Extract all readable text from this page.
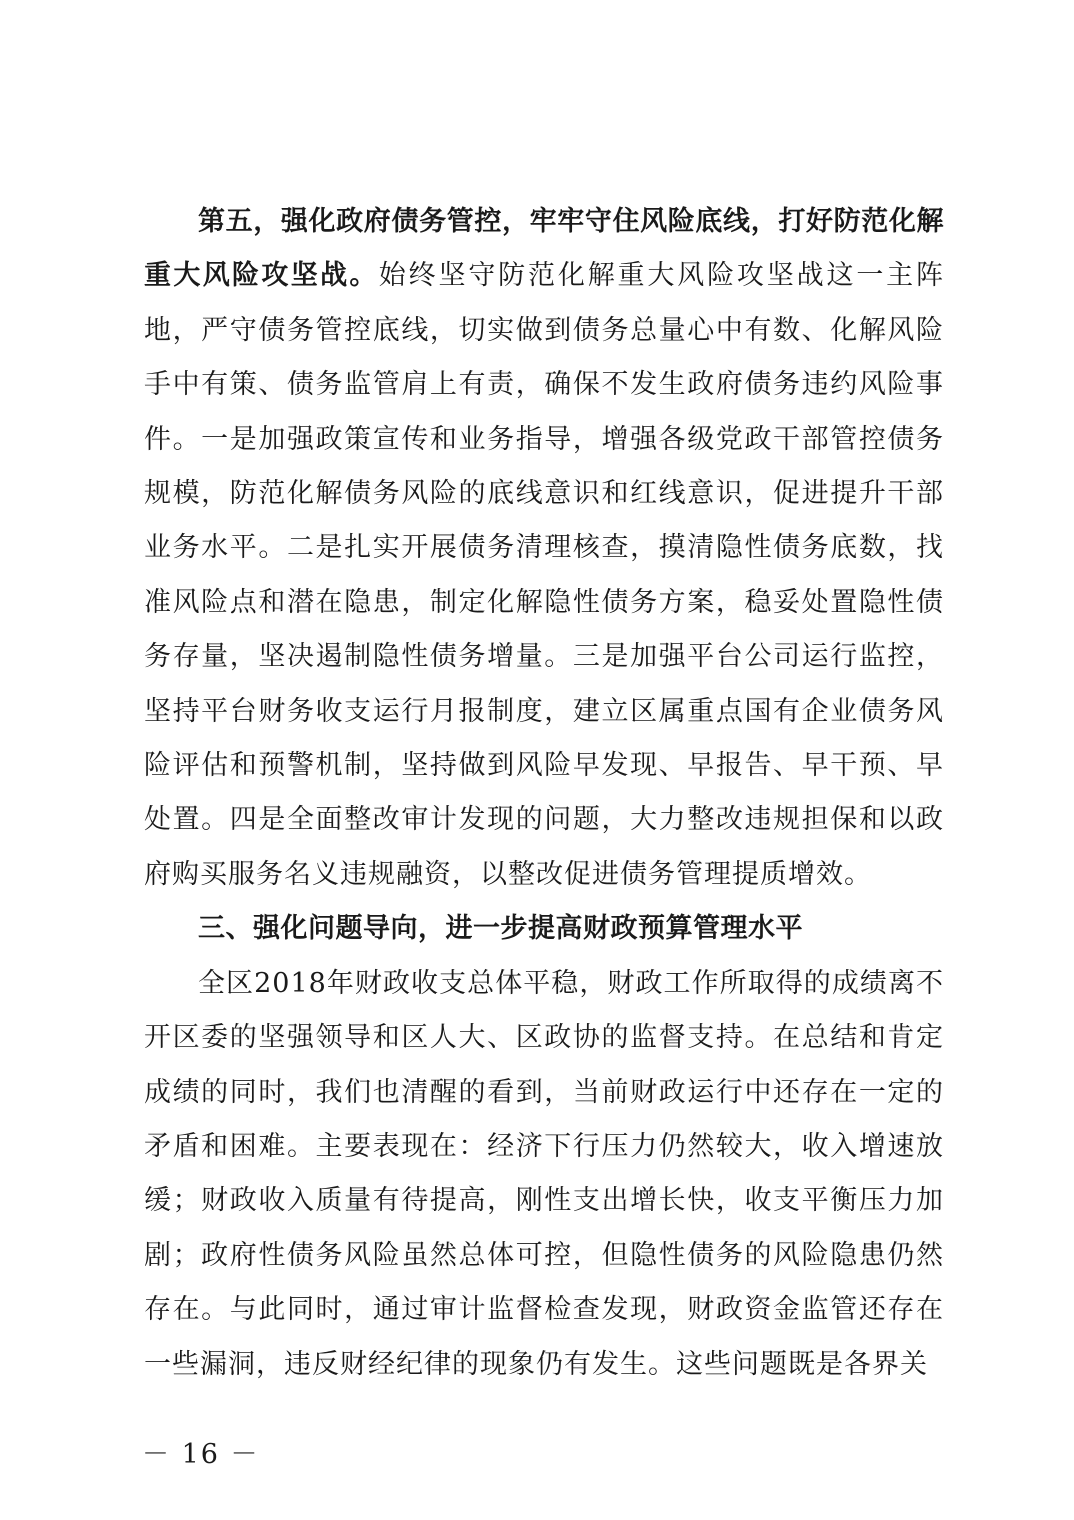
第五，强化政府债务管控，牢牢守住风险底线，打好防范化解重大风险攻坚战。始终坚守防范化解重大风险攻坚战这一主阵地，严守债务管控底线，切实做到债务总量心中有数、化解风险手中有策、债务监管肩上有责，确保不发生政府债务违约风险事件。一是加强政策宣传和业务指导，增强各级党政干部管控债务规模，防范化解债务风险的底线意识和红线意识，促进提升干部业务水平。二是扎实开展债务清理核查，摸清隐性债务底数，找准风险点和潜在隐患，制定化解隐性债务方案，稳妥处置隐性债务存量，坚决遏制隐性债务增量。三是加强平台公司运行监控，坚持平台财务收支运行月报制度，建立区属重点国有企业债务风险评估和预警机制，坚持做到风险早发现、早报告、早干预、早处置。四是全面整改审计发现的问题，大力整改违规担保和以政府购买服务名义违规融资，以整改促进债务管理提质增效。

三、强化问题导向，进一步提高财政预算管理水平

全区2018年财政收支总体平稳，财政工作所取得的成绩离不开区委的坚强领导和区人大、区政协的监督支持。在总结和肯定成绩的同时，我们也清醒的看到，当前财政运行中还存在一定的矛盾和困难。主要表现在：经济下行压力仍然较大，收入增速放缓；财政收入质量有待提高，刚性支出增长快，收支平衡压力加剧；政府性债务风险虽然总体可控，但隐性债务的风险隐患仍然存在。与此同时，通过审计监督检查发现，财政资金监管还存在一些漏洞，违反财经纪律的现象仍有发生。这些问题既是各界关

－ 16 －
